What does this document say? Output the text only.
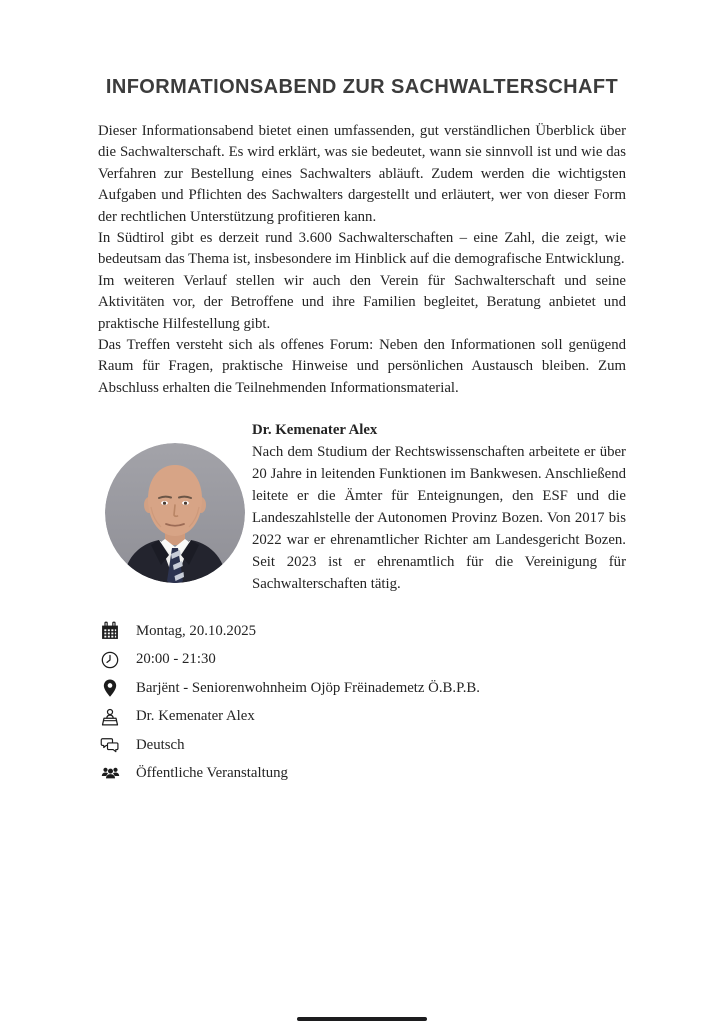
INFORMATIONSABEND ZUR SACHWALTERSCHAFT

Dieser Informationsabend bietet einen umfassenden, gut verständlichen Überblick über die Sachwalterschaft. Es wird erklärt, was sie bedeutet, wann sie sinnvoll ist und wie das Verfahren zur Bestellung eines Sachwalters abläuft. Zudem werden die wichtigsten Aufgaben und Pflichten des Sachwalters dargestellt und erläutert, wer von dieser Form der rechtlichen Unterstützung profitieren kann.

In Südtirol gibt es derzeit rund 3.600 Sachwalterschaften – eine Zahl, die zeigt, wie bedeutsam das Thema ist, insbesondere im Hinblick auf die demografische Entwicklung.

Im weiteren Verlauf stellen wir auch den Verein für Sachwalterschaft und seine Aktivitäten vor, der Betroffene und ihre Familien begleitet, Beratung anbietet und praktische Hilfestellung gibt.

Das Treffen versteht sich als offenes Forum: Neben den Informationen soll genügend Raum für Fragen, praktische Hinweise und persönlichen Austausch bleiben. Zum Abschluss erhalten die Teilnehmenden Informationsmaterial.

Dr. Kemenater Alex
Nach dem Studium der Rechtswissenschaften arbeitete er über 20 Jahre in leitenden Funktionen im Bankwesen. Anschließend leitete er die Ämter für Enteignungen, den ESF und die Landeszahlstelle der Autonomen Provinz Bozen. Von 2017 bis 2022 war er ehrenamtlicher Richter am Landesgericht Bozen. Seit 2023 ist er ehrenamtlich für die Vereinigung für Sachwalterschaften tätig.
Montag, 20.10.2025
20:00 - 21:30
Barjënt - Seniorenwohnheim Ojöp Frëinademetz Ö.B.P.B.
Dr. Kemenater Alex
Deutsch
Öffentliche Veranstaltung
